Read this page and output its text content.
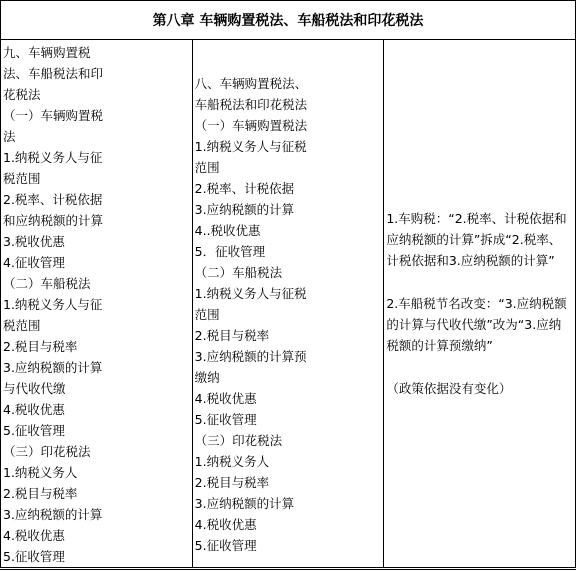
第八章 车辆购置税法、车船税法和印花税法

九、车辆购置税
法、车船税法和印
花税法
（一）车辆购置税
法
1.纳税义务人与征
税范围
2.税率、计税依据
和应纳税额的计算
3.税收优惠
4.征收管理
（二）车船税法
1.纳税义务人与征
税范围
2.税目与税率
3.应纳税额的计算
与代收代缴
4.税收优惠
5.征收管理
（三）印花税法
1.纳税义务人
2.税目与税率
3.应纳税额的计算
4.税收优惠
5.征收管理

八、车辆购置税法、
车船税法和印花税法
（一）车辆购置税法
1.纳税义务人与征税
范围
2.税率、计税依据
3.应纳税额的计算
4..税收优惠
5．征收管理
（二）车船税法
1.纳税义务人与征税
范围
2.税目与税率
3.应纳税额的计算预
缴纳
4.税收优惠
5.征收管理
（三）印花税法
1.纳税义务人
2.税目与税率
3.应纳税额的计算
4.税收优惠
5.征收管理

1.车购税：“2.税率、计税依据和应纳税额的计算”拆成“2.税率、计税依据和3.应纳税额的计算”

2.车船税节名改变：“3.应纳税额的计算与代收代缴”改为“3.应纳税额的计算预缴纳”

（政策依据没有变化）
